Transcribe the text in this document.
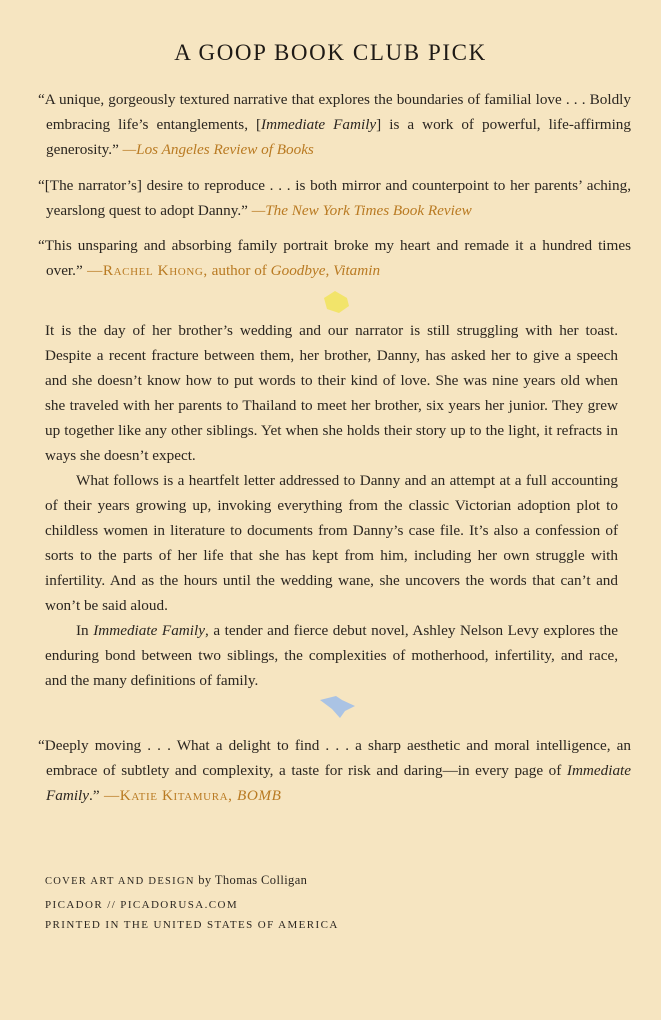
A GOOP BOOK CLUB PICK

“A unique, gorgeously textured narrative that explores the boundaries of familial love . . . Boldly embracing life’s entanglements, [Immediate Family] is a work of powerful, life-affirming generosity.” —Los Angeles Review of Books

“[The narrator’s] desire to reproduce . . . is both mirror and counterpoint to her parents’ aching, yearslong quest to adopt Danny.” —The New York Times Book Review

“This unsparing and absorbing family portrait broke my heart and remade it a hundred times over.” —Rachel Khong, author of Goodbye, Vitamin

It is the day of her brother’s wedding and our narrator is still struggling with her toast. Despite a recent fracture between them, her brother, Danny, has asked her to give a speech and she doesn’t know how to put words to their kind of love. She was nine years old when she traveled with her parents to Thailand to meet her brother, six years her junior. They grew up together like any other siblings. Yet when she holds their story up to the light, it refracts in ways she doesn’t expect.

What follows is a heartfelt letter addressed to Danny and an attempt at a full accounting of their years growing up, invoking everything from the classic Victorian adoption plot to childless women in literature to documents from Danny’s case file. It’s also a confession of sorts to the parts of her life that she has kept from him, including her own struggle with infertility. And as the hours until the wedding wane, she uncovers the words that can’t and won’t be said aloud.

In Immediate Family, a tender and fierce debut novel, Ashley Nelson Levy explores the enduring bond between two siblings, the complexities of motherhood, infertility, and race, and the many definitions of family.

“Deeply moving . . . What a delight to find . . . a sharp aesthetic and moral intelligence, an embrace of subtlety and complexity, a taste for risk and daring—in every page of Immediate Family.” —Katie Kitamura, BOMB

COVER ART AND DESIGN by Thomas Colligan

PICADOR // PICADORUSA.COM

PRINTED IN THE UNITED STATES OF AMERICA
